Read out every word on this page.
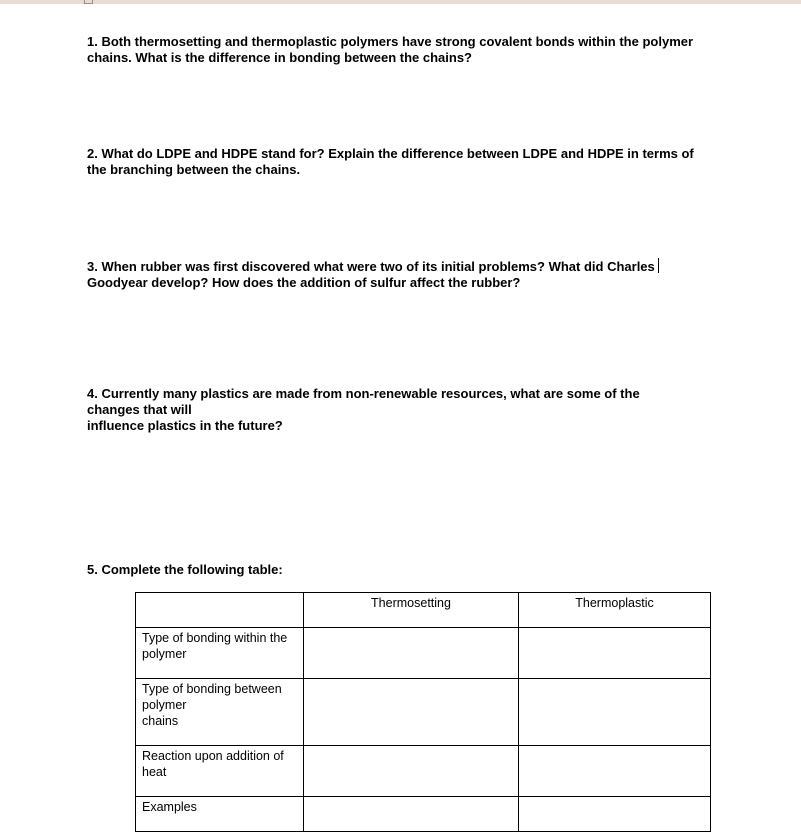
1. Both thermosetting and thermoplastic polymers have strong covalent bonds within the polymer
chains. What is the difference in bonding between the chains?
2. What do LDPE and HDPE stand for? Explain the difference between LDPE and HDPE in terms of
the branching between the chains.
3. When rubber was first discovered what were two of its initial problems? What did Charles
Goodyear develop? How does the addition of sulfur affect the rubber?
4. Currently many plastics are made from non-renewable resources, what are some of the
changes that will
influence plastics in the future?
5. Complete the following table:

	Thermosetting	Thermoplastic

Type of bonding within the
polymer		

Type of bonding between
polymer
chains		

Reaction upon addition of
heat		

Examples		
